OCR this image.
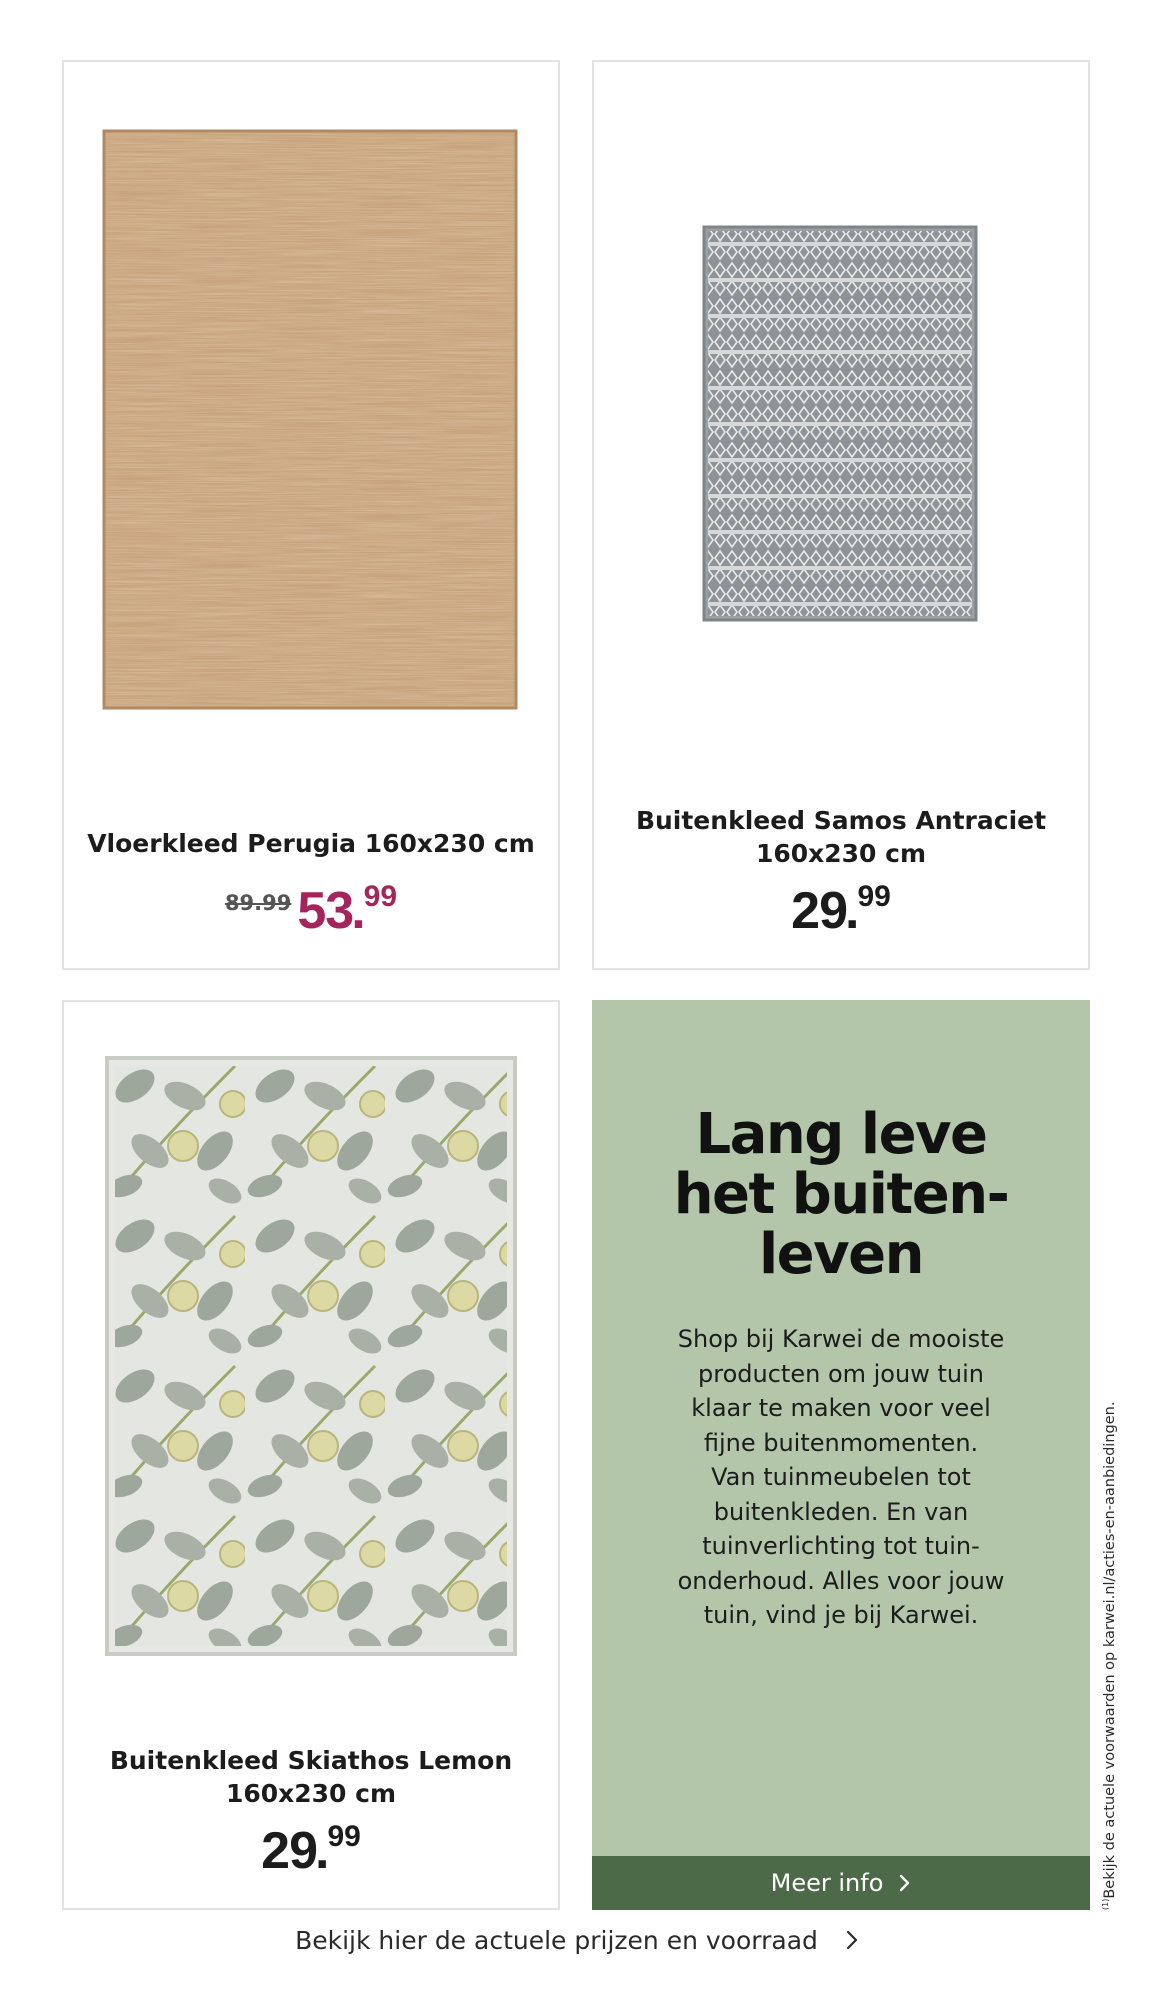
Vloerkleed Perugia 160x230 cm
89.99 53.99
Buitenkleed Samos Antraciet
160x230 cm
29.99
Buitenkleed Skiathos Lemon
160x230 cm
29.99
Lang leve
het buiten-
leven
Shop bij Karwei de mooiste
producten om jouw tuin
klaar te maken voor veel
fijne buitenmomenten.
Van tuinmeubelen tot
buitenkleden. En van
tuinverlichting tot tuin-
onderhoud. Alles voor jouw
tuin, vind je bij Karwei.
Meer info
$^{(1)}$Bekijk de actuele voorwaarden op karwei.nl/acties-en-aanbiedingen.
Bekijk hier de actuele prijzen en voorraad
